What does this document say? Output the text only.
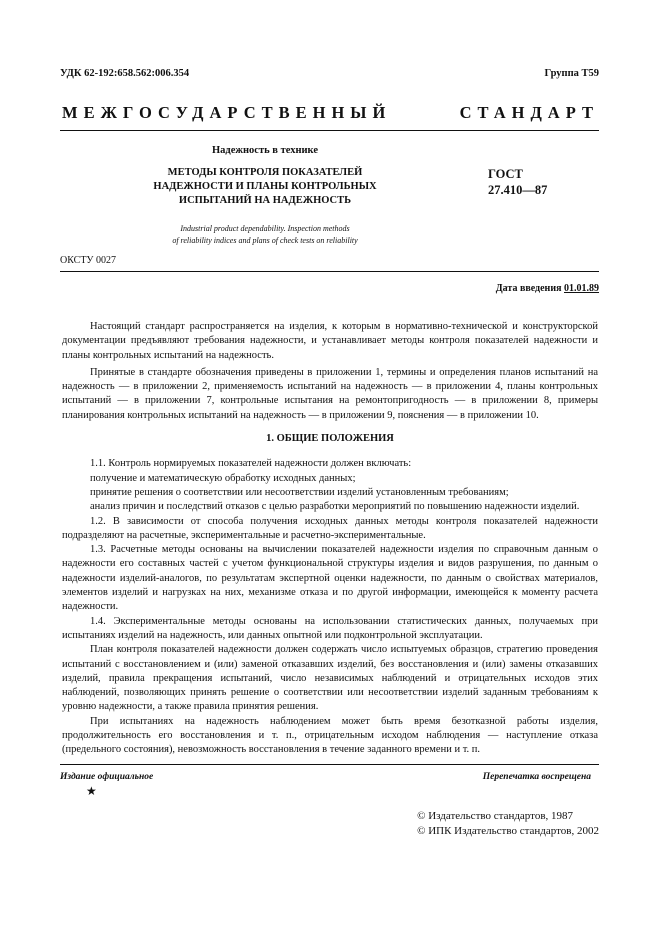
УДК 62-192:658.562:006.354	Группа Т59
МЕЖГОСУДАРСТВЕННЫЙ СТАНДАРТ
Надежность в технике
МЕТОДЫ КОНТРОЛЯ ПОКАЗАТЕЛЕЙ
НАДЕЖНОСТИ И ПЛАНЫ КОНТРОЛЬНЫХ
ИСПЫТАНИЙ НА НАДЕЖНОСТЬ
ГОСТ
27.410—87
Industrial product dependability. Inspection methods
of reliability indices and plans of check tests on reliability
ОКСТУ 0027
Дата введения 01.01.89

Настоящий стандарт распространяется на изделия, к которым в нормативно-технической и конструкторской документации предъявляют требования надежности, и устанавливает методы контроля показателей надежности и планы контрольных испытаний на надежность.

Принятые в стандарте обозначения приведены в приложении 1, термины и определения планов испытаний на надежность — в приложении 2, применяемость испытаний на надежность — в приложении 4, планы контрольных испытаний — в приложении 7, контрольные испытания на ремонтопригодность — в приложении 8, примеры планирования контрольных испытаний на надежность — в приложении 9, пояснения — в приложении 10.

1. ОБЩИЕ ПОЛОЖЕНИЯ

1.1. Контроль нормируемых показателей надежности должен включать:

получение и математическую обработку исходных данных;

принятие решения о соответствии или несоответствии изделий установленным требованиям;

анализ причин и последствий отказов с целью разработки мероприятий по повышению надежности изделий.

1.2. В зависимости от способа получения исходных данных методы контроля показателей надежности подразделяют на расчетные, экспериментальные и расчетно-экспериментальные.

1.3. Расчетные методы основаны на вычислении показателей надежности изделия по справочным данным о надежности его составных частей с учетом функциональной структуры изделия и видов разрушения, по данным о надежности изделий-аналогов, по результатам экспертной оценки надежности, по данным о свойствах материалов, элементов изделий и нагрузках на них, механизме отказа и по другой информации, имеющейся к моменту расчета надежности.

1.4. Экспериментальные методы основаны на использовании статистических данных, получаемых при испытаниях изделий на надежность, или данных опытной или подконтрольной эксплуатации.

План контроля показателей надежности должен содержать число испытуемых образцов, стратегию проведения испытаний с восстановлением и (или) заменой отказавших изделий, без восстановления и (или) замены отказавших изделий, правила прекращения испытаний, число независимых наблюдений и отрицательных исходов этих наблюдений, позволяющих принять решение о соответствии или несоответствии изделий заданным требованиям к уровню надежности, а также правила принятия решения.

При испытаниях на надежность наблюдением может быть время безотказной работы изделия, продолжительность его восстановления и т. п., отрицательным исходом наблюдения — наступление отказа (предельного состояния), невозможность восстановления в течение заданного времени и т. п.

Издание официальное	Перепечатка воспрещена
★
© Издательство стандартов, 1987
© ИПК Издательство стандартов, 2002
